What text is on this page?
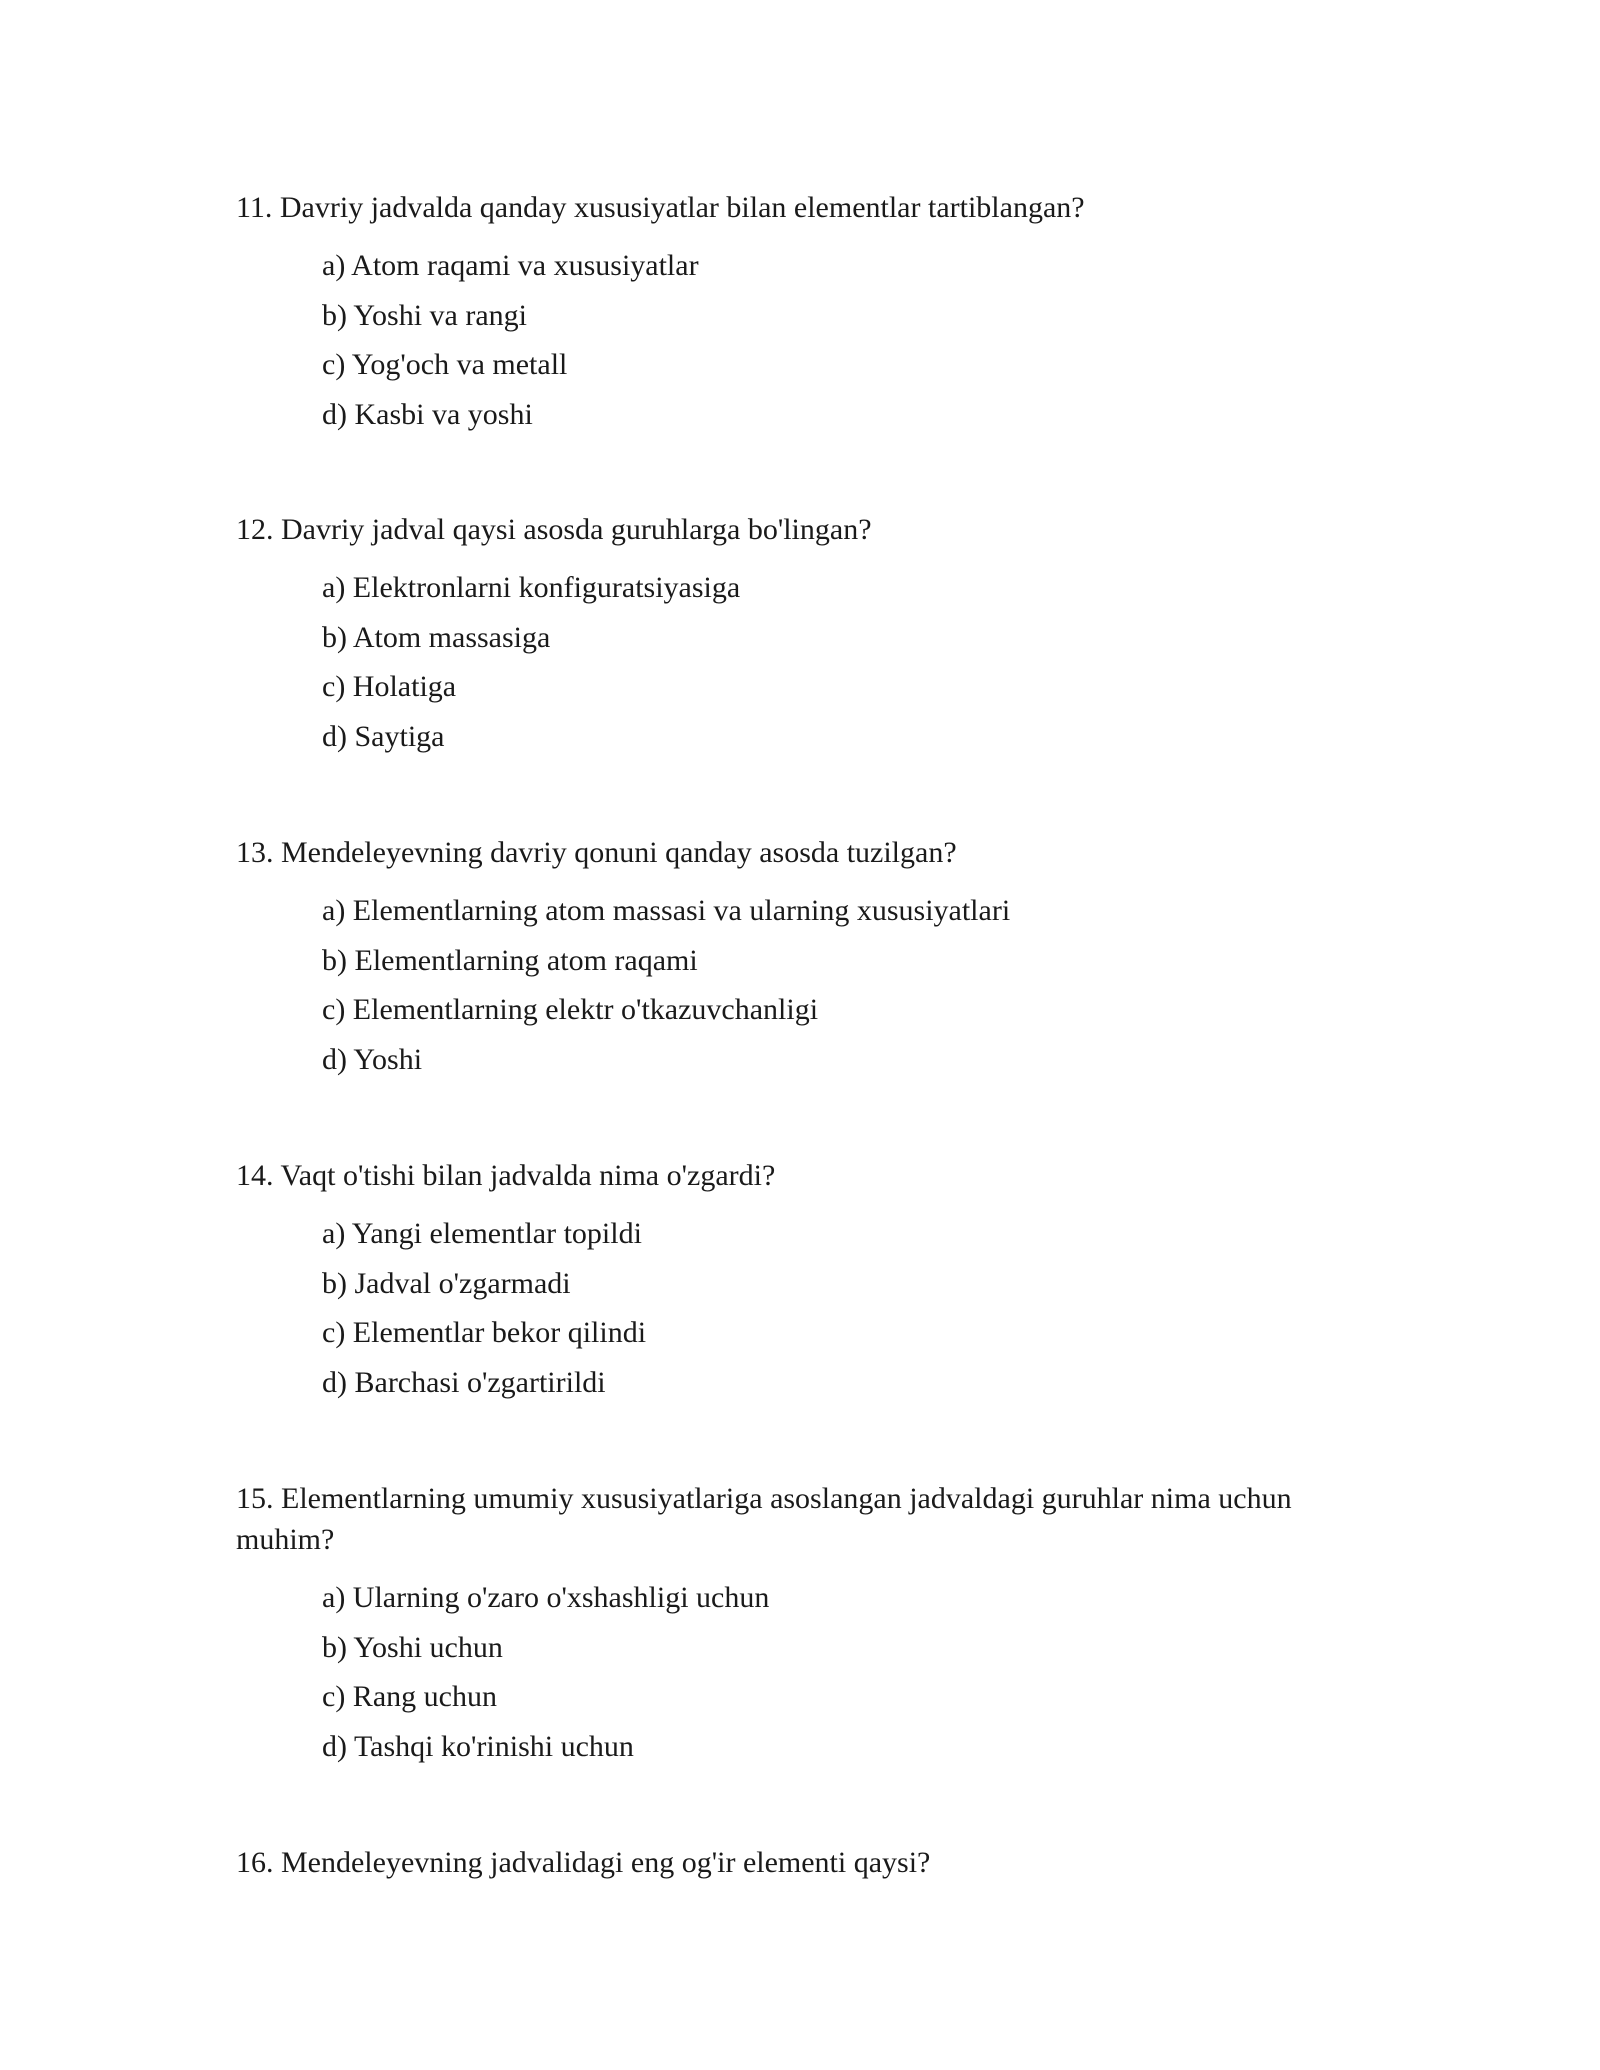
11. Davriy jadvalda qanday xususiyatlar bilan elementlar tartiblangan?

a) Atom raqami va xususiyatlar
b) Yoshi va rangi
c) Yog'och va metall
d) Kasbi va yoshi

12. Davriy jadval qaysi asosda guruhlarga bo'lingan?

a) Elektronlarni konfiguratsiyasiga
b) Atom massasiga
c) Holatiga
d) Saytiga

13. Mendeleyevning davriy qonuni qanday asosda tuzilgan?

a) Elementlarning atom massasi va ularning xususiyatlari
b) Elementlarning atom raqami
c) Elementlarning elektr o'tkazuvchanligi
d) Yoshi

14. Vaqt o'tishi bilan jadvalda nima o'zgardi?

a) Yangi elementlar topildi
b) Jadval o'zgarmadi
c) Elementlar bekor qilindi
d) Barchasi o'zgartirildi

15. Elementlarning umumiy xususiyatlariga asoslangan jadvaldagi guruhlar nima uchun muhim?

a) Ularning o'zaro o'xshashligi uchun
b) Yoshi uchun
c) Rang uchun
d) Tashqi ko'rinishi uchun

16. Mendeleyevning jadvalidagi eng og'ir elementi qaysi?
